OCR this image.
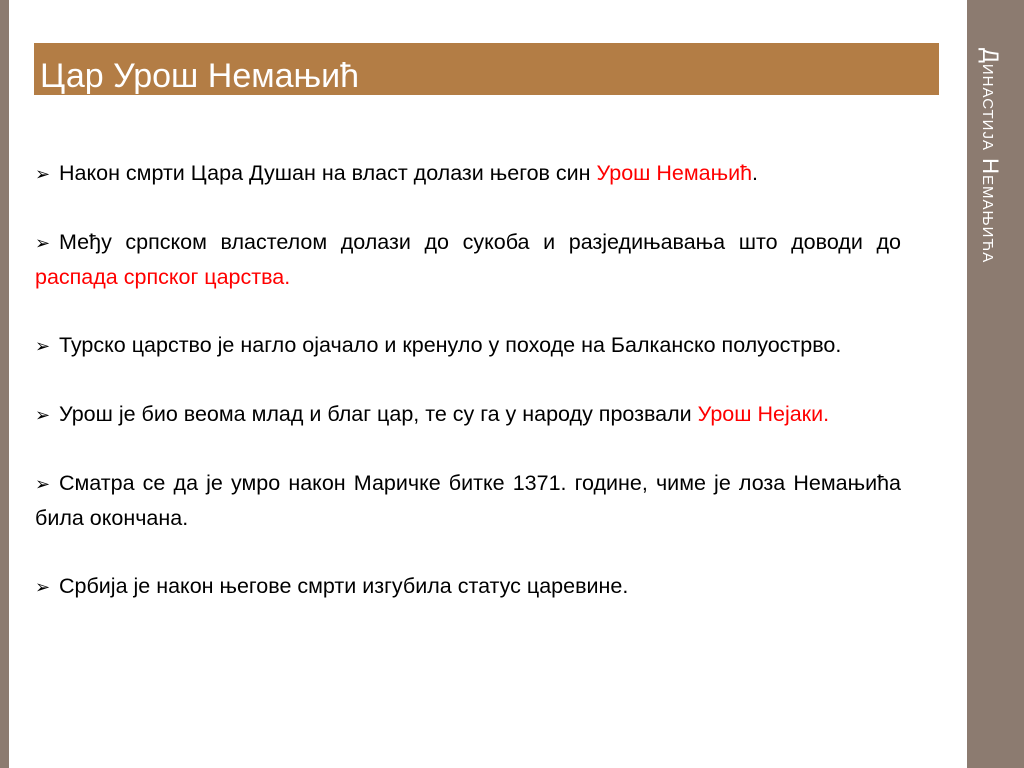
Династија Немањића
Цар Урош Немањић

➢ Након смрти Цара Душан на власт долази његов син Урош Немањић.

➢ Међу српском властелом долази до сукоба и разједињавања што доводи до распада српског царства.

➢ Турско царство је нагло ојачало и кренуло у походе на Балканско полуострво.

➢ Урош је био веома млад и благ цар, те су га у народу прозвали Урош Нејаки.

➢ Сматра се да је умро након Маричке битке 1371. године, чиме је лоза Немањића била окончана.

➢ Србија је након његове смрти изгубила статус царевине.
